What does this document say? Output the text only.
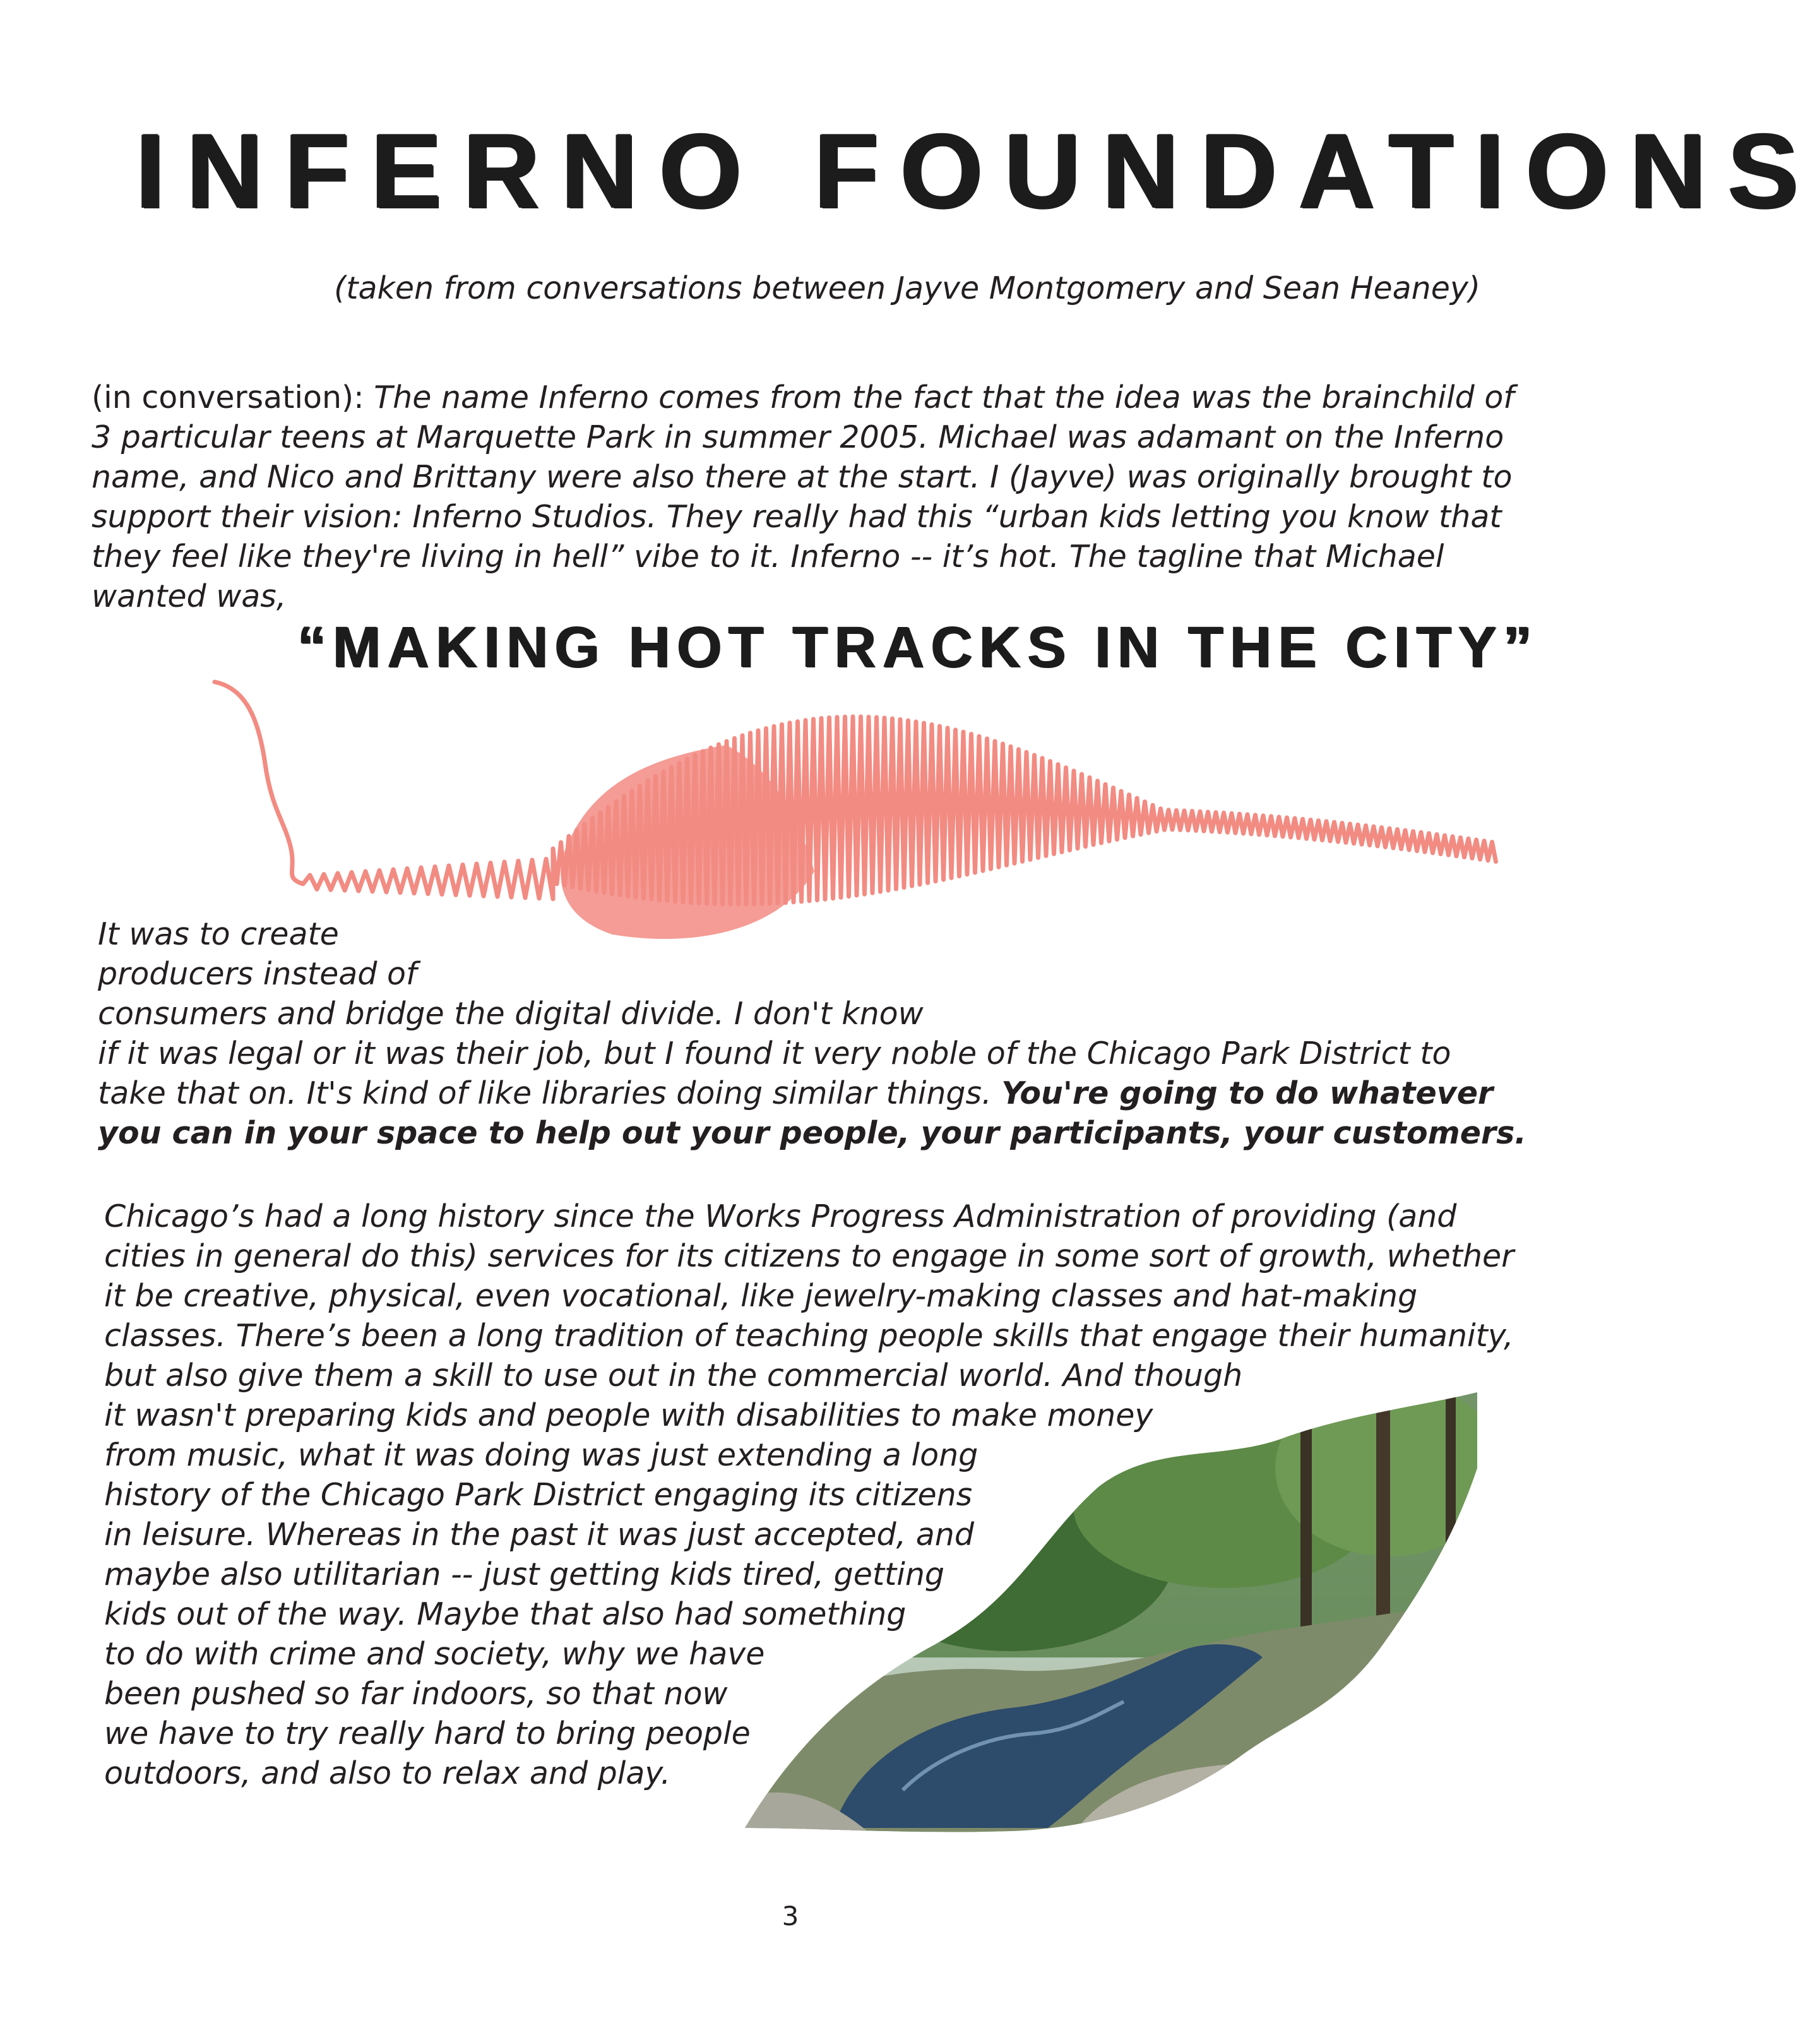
INFERNO FOUNDATIONS
(taken from conversations between Jayve Montgomery and Sean Heaney)
(in conversation): The name Inferno comes from the fact that the idea was the brainchild of
3 particular teens at Marquette Park in summer 2005. Michael was adamant on the Inferno
name, and Nico and Brittany were also there at the start. I (Jayve) was originally brought to
support their vision: Inferno Studios. They really had this “urban kids letting you know that
they feel like they're living in hell” vibe to it. Inferno -- it’s hot. The tagline that Michael
wanted was,
“MAKING HOT TRACKS IN THE CITY”
It was to create
producers instead of
consumers and bridge the digital divide. I don't know
if it was legal or it was their job, but I found it very noble of the Chicago Park District to
take that on. It's kind of like libraries doing similar things. You're going to do whatever
you can in your space to help out your people, your participants, your customers.
Chicago’s had a long history since the Works Progress Administration of providing (and
cities in general do this) services for its citizens to engage in some sort of growth, whether
it be creative, physical, even vocational, like jewelry-making classes and hat-making
classes. There’s been a long tradition of teaching people skills that engage their humanity,
but also give them a skill to use out in the commercial world. And though
it wasn't preparing kids and people with disabilities to make money
from music, what it was doing was just extending a long
history of the Chicago Park District engaging its citizens
in leisure. Whereas in the past it was just accepted, and
maybe also utilitarian -- just getting kids tired, getting
kids out of the way. Maybe that also had something
to do with crime and society, why we have
been pushed so far indoors, so that now
we have to try really hard to bring people
outdoors, and also to relax and play.
3
